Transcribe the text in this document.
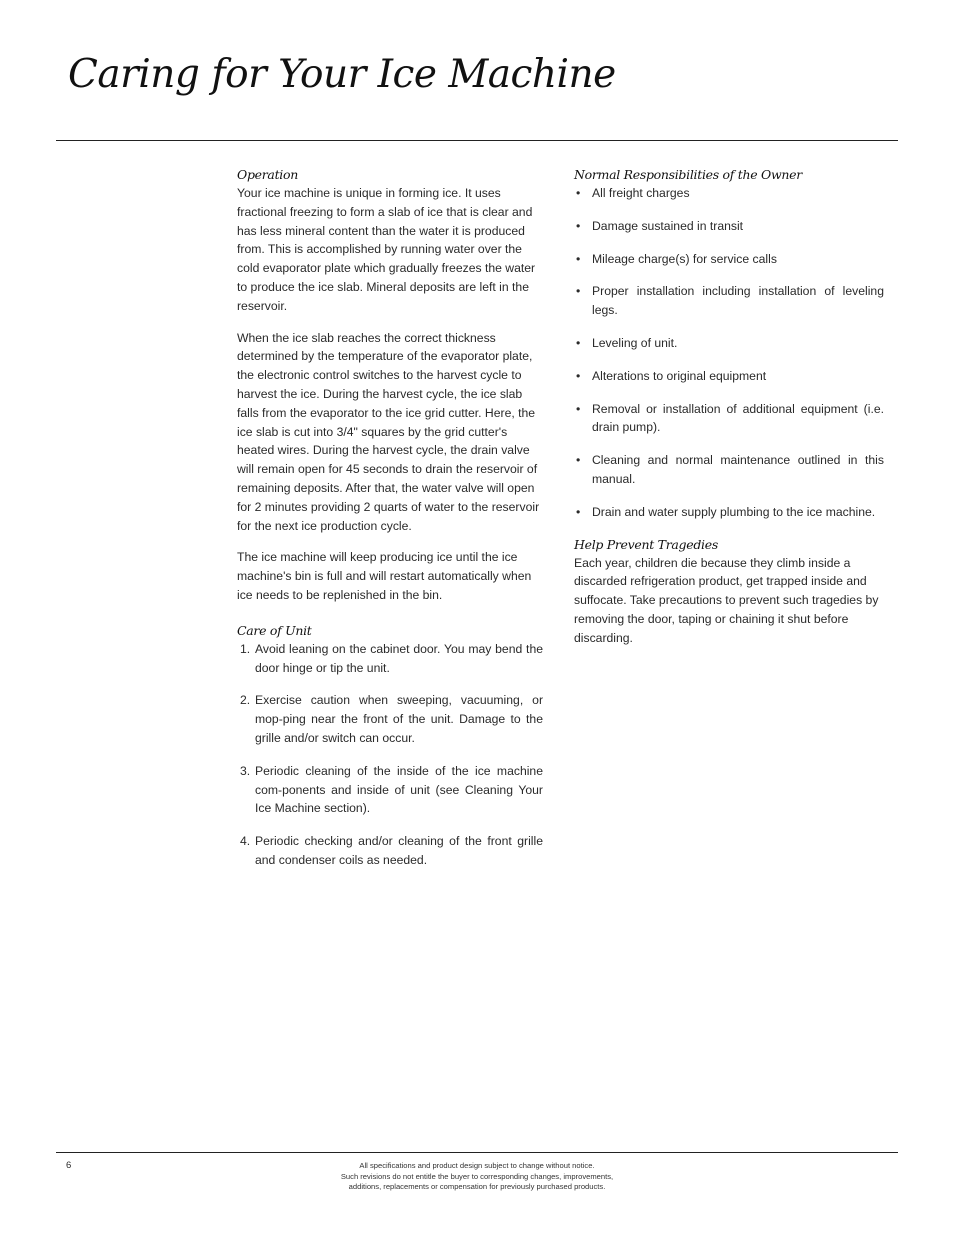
Caring for Your Ice Machine
Operation

Your ice machine is unique in forming ice. It uses fractional freezing to form a slab of ice that is clear and has less mineral content than the water it is produced from. This is accomplished by running water over the cold evaporator plate which gradually freezes the water to produce the ice slab. Mineral deposits are left in the reservoir.

When the ice slab reaches the correct thickness determined by the temperature of the evaporator plate, the electronic control switches to the harvest cycle to harvest the ice. During the harvest cycle, the ice slab falls from the evaporator to the ice grid cutter. Here, the ice slab is cut into 3/4" squares by the grid cutter's heated wires. During the harvest cycle, the drain valve will remain open for 45 seconds to drain the reservoir of remaining deposits. After that, the water valve will open for 2 minutes providing 2 quarts of water to the reservoir for the next ice production cycle.

The ice machine will keep producing ice until the ice machine's bin is full and will restart automatically when ice needs to be replenished in the bin.

Care of Unit
1. Avoid leaning on the cabinet door. You may bend the door hinge or tip the unit.
2. Exercise caution when sweeping, vacuuming, or mop-ping near the front of the unit. Damage to the grille and/or switch can occur.
3. Periodic cleaning of the inside of the ice machine com-ponents and inside of unit (see Cleaning Your Ice Machine section).
4. Periodic checking and/or cleaning of the front grille and condenser coils as needed.
Normal Responsibilities of the Owner
• All freight charges
• Damage sustained in transit
• Mileage charge(s) for service calls
• Proper installation including installation of leveling legs.
• Leveling of unit.
• Alterations to original equipment
• Removal or installation of additional equipment (i.e. drain pump).
• Cleaning and normal maintenance outlined in this manual.
• Drain and water supply plumbing to the ice machine.
Help Prevent Tragedies

Each year, children die because they climb inside a discarded refrigeration product, get trapped inside and suffocate. Take precautions to prevent such tragedies by removing the door, taping or chaining it shut before discarding.

6	All specifications and product design subject to change without notice.
Such revisions do not entitle the buyer to corresponding changes, improvements,
additions, replacements or compensation for previously purchased products.
